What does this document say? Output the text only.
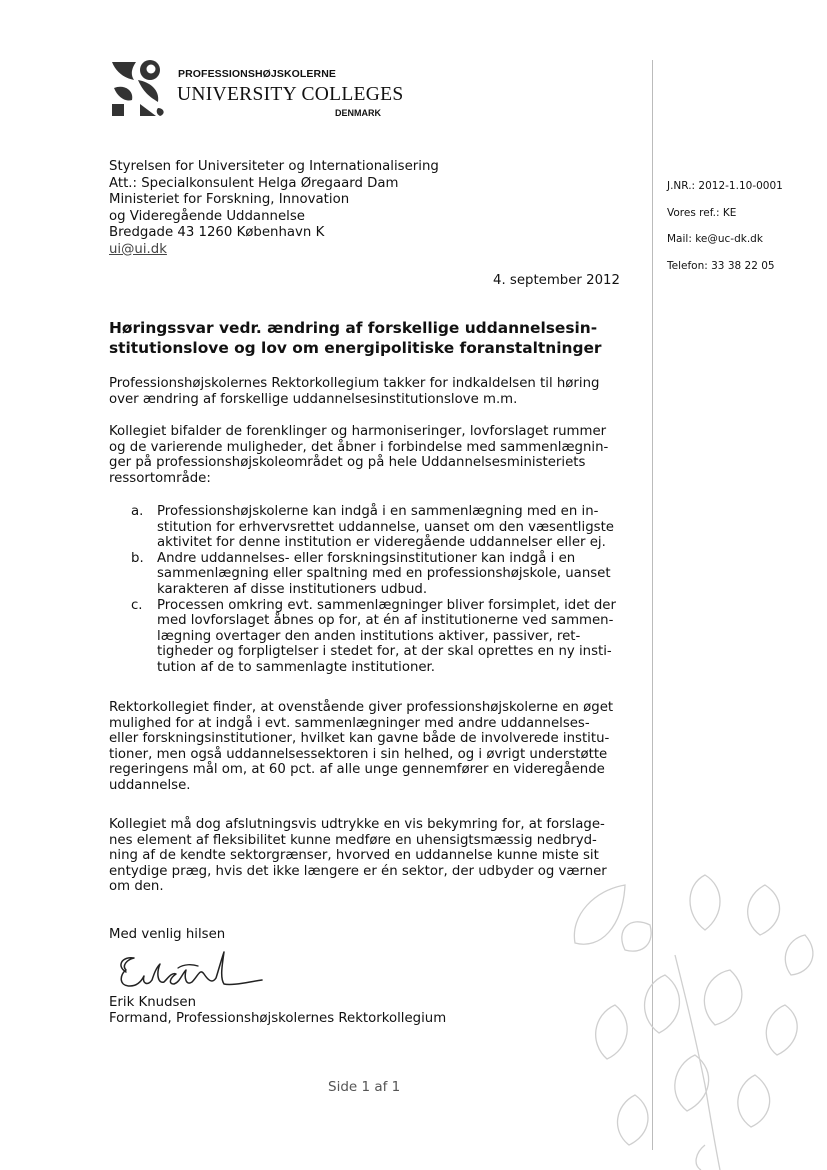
PROFESSIONSHØJSKOLERNE
UNIVERSITY COLLEGES
DENMARK
Styrelsen for Universiteter og Internationalisering
Att.: Specialkonsulent Helga Øregaard Dam
Ministeriet for Forskning, Innovation
og Videregående Uddannelse
Bredgade 43 1260 København K
ui@ui.dk
J.NR.: 2012-1.10-0001
Vores ref.: KE
Mail: ke@uc-dk.dk
Telefon: 33 38 22 05
4. september 2012
Høringssvar vedr. ændring af forskellige uddannelsesin-
stitutionslove og lov om energipolitiske foranstaltninger
Professionshøjskolernes Rektorkollegium takker for indkaldelsen til høring
over ændring af forskellige uddannelsesinstitutionslove m.m.
Kollegiet bifalder de forenklinger og harmoniseringer, lovforslaget rummer
og de varierende muligheder, det åbner i forbindelse med sammenlægnin-
ger på professionshøjskoleområdet og på hele Uddannelsesministeriets
ressortområde:
a. Professionshøjskolerne kan indgå i en sammenlægning med en in-
stitution for erhvervsrettet uddannelse, uanset om den væsentligste
aktivitet for denne institution er videregående uddannelser eller ej.
b. Andre uddannelses- eller forskningsinstitutioner kan indgå i en
sammenlægning eller spaltning med en professionshøjskole, uanset
karakteren af disse institutioners udbud.
c. Processen omkring evt. sammenlægninger bliver forsimplet, idet der
med lovforslaget åbnes op for, at én af institutionerne ved sammen-
lægning overtager den anden institutions aktiver, passiver, ret-
tigheder og forpligtelser i stedet for, at der skal oprettes en ny insti-
tution af de to sammenlagte institutioner.
Rektorkollegiet finder, at ovenstående giver professionshøjskolerne en øget
mulighed for at indgå i evt. sammenlægninger med andre uddannelses-
eller forskningsinstitutioner, hvilket kan gavne både de involverede institu-
tioner, men også uddannelsessektoren i sin helhed, og i øvrigt understøtte
regeringens mål om, at 60 pct. af alle unge gennemfører en videregående
uddannelse.
Kollegiet må dog afslutningsvis udtrykke en vis bekymring for, at forslage-
nes element af fleksibilitet kunne medføre en uhensigtsmæssig nedbryd-
ning af de kendte sektorgrænser, hvorved en uddannelse kunne miste sit
entydige præg, hvis det ikke længere er én sektor, der udbyder og værner
om den.
Med venlig hilsen
Erik Knudsen
Formand, Professionshøjskolernes Rektorkollegium
Side 1 af 1
